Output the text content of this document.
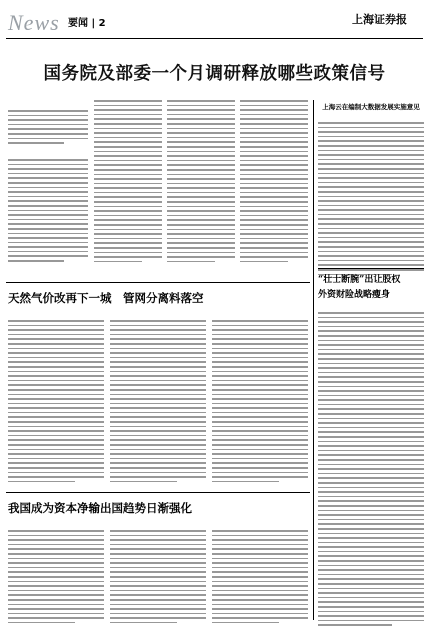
News 要闻 | 2	上海证券报
国务院及部委一个月调研释放哪些政策信号
上海云在编制大数据发展实施意见
“壮士断腕”出让股权
外资财险战略瘦身
天然气价改再下一城　管网分离料落空
我国成为资本净输出国趋势日渐强化
